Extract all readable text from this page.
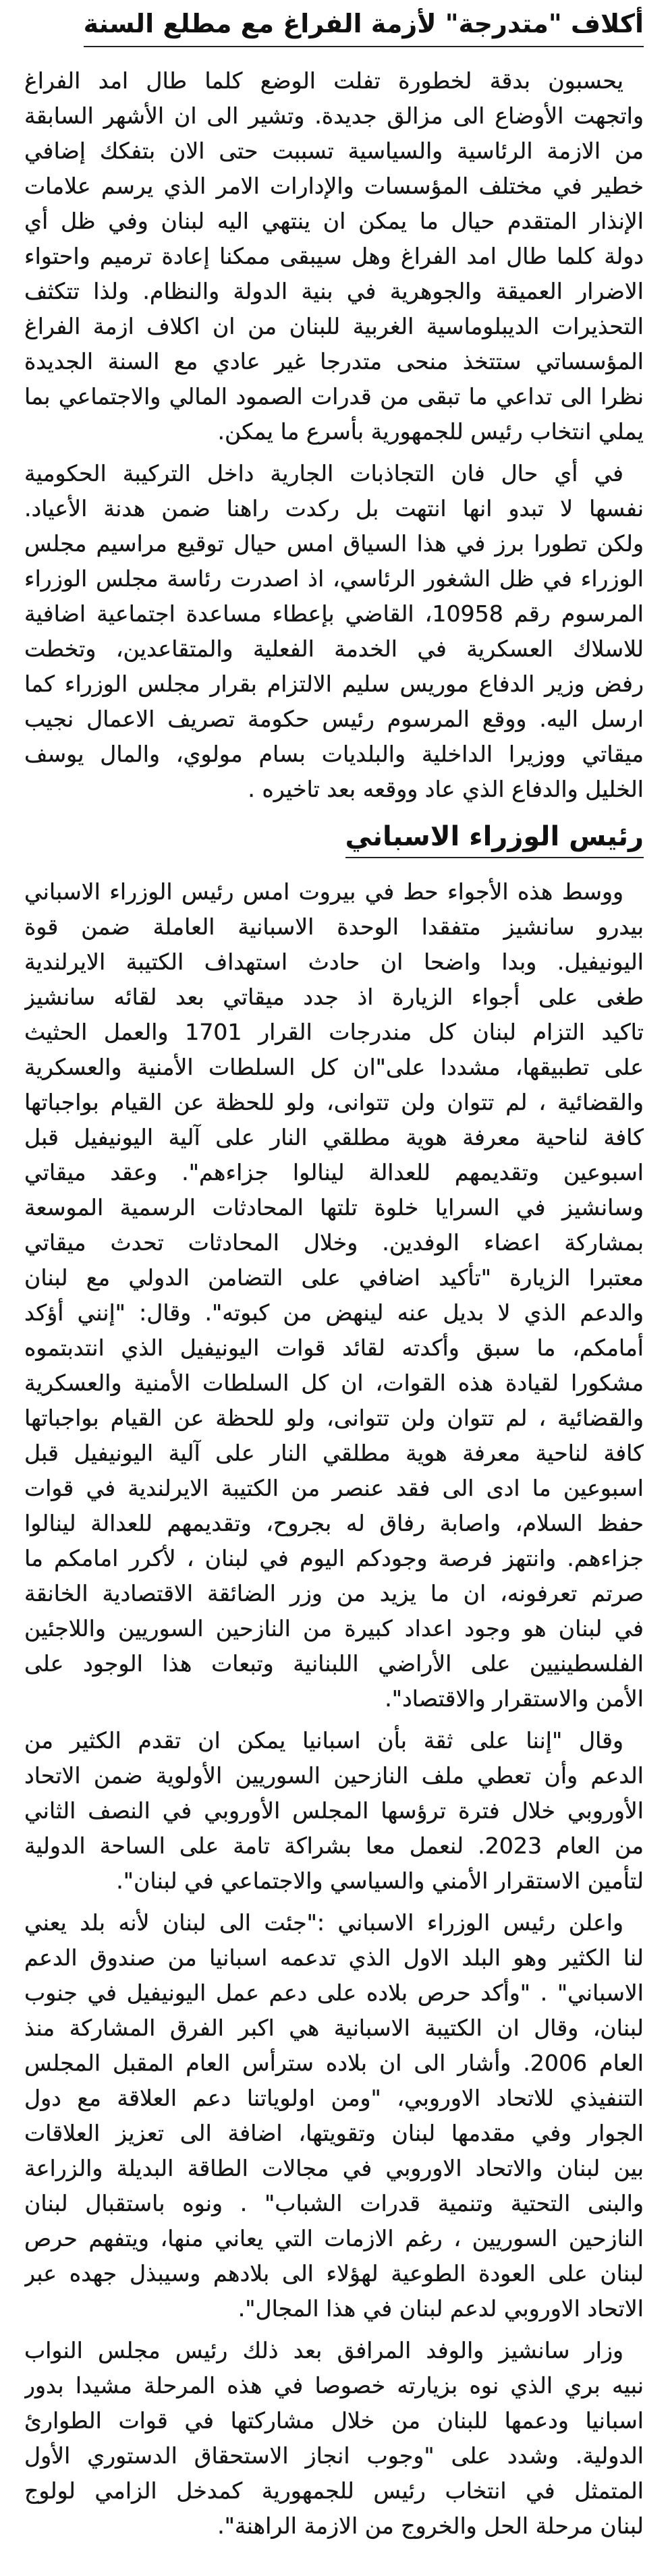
أكلاف "متدرجة" لأزمة الفراغ مع مطلع السنة
يحسبون بدقة لخطورة تفلت الوضع كلما طال امد الفراغ
واتجهت الأوضاع الى مزالق جديدة. وتشير الى ان الأشهر السابقة
من الازمة الرئاسية والسياسية تسببت حتى الان بتفكك إضافي
خطير في مختلف المؤسسات والإدارات الامر الذي يرسم علامات
الإنذار المتقدم حيال ما يمكن ان ينتهي اليه لبنان وفي ظل أي
دولة كلما طال امد الفراغ وهل سيبقى ممكنا إعادة ترميم واحتواء
الاضرار العميقة والجوهرية في بنية الدولة والنظام. ولذا تتكثف
التحذيرات الديبلوماسية الغربية للبنان من ان اكلاف ازمة الفراغ
المؤسساتي ستتخذ منحى متدرجا غير عادي مع السنة الجديدة
نظرا الى تداعي ما تبقى من قدرات الصمود المالي والاجتماعي بما
يملي انتخاب رئيس للجمهورية بأسرع ما يمكن.
في أي حال فان التجاذبات الجارية داخل التركيبة الحكومية
نفسها لا تبدو انها انتهت بل ركدت راهنا ضمن هدنة الأعياد.
ولكن تطورا برز في هذا السياق امس حيال توقيع مراسيم مجلس
الوزراء في ظل الشغور الرئاسي، اذ اصدرت رئاسة مجلس الوزراء
المرسوم رقم 10958، القاضي بإعطاء مساعدة اجتماعية اضافية
للاسلاك العسكرية في الخدمة الفعلية والمتقاعدين، وتخطت
رفض وزير الدفاع موريس سليم الالتزام بقرار مجلس الوزراء كما
ارسل اليه. ووقع المرسوم رئيس حكومة تصريف الاعمال نجيب
ميقاتي ووزيرا الداخلية والبلديات بسام مولوي، والمال يوسف
الخليل والدفاع الذي عاد ووقعه بعد تاخيره .
رئيس الوزراء الاسباني
ووسط هذه الأجواء حط في بيروت امس رئيس الوزراء الاسباني
بيدرو سانشيز متفقدا الوحدة الاسبانية العاملة ضمن قوة
اليونيفيل. وبدا واضحا ان حادث استهداف الكتيبة الايرلندية
طغى على أجواء الزيارة اذ جدد ميقاتي بعد لقائه سانشيز
تاكيد التزام لبنان كل مندرجات القرار 1701 والعمل الحثيث
على تطبيقها، مشددا على"ان كل السلطات الأمنية والعسكرية
والقضائية ، لم تتوان ولن تتوانى، ولو للحظة عن القيام بواجباتها
كافة لناحية معرفة هوية مطلقي النار على آلية اليونيفيل قبل
اسبوعين وتقديمهم للعدالة لينالوا جزاءهم". وعقد ميقاتي
وسانشيز في السرايا خلوة تلتها المحادثات الرسمية الموسعة
بمشاركة اعضاء الوفدين. وخلال المحادثات تحدث ميقاتي
معتبرا الزيارة "تأكيد اضافي على التضامن الدولي مع لبنان
والدعم الذي لا بديل عنه لينهض من كبوته". وقال: "إنني أؤكد
أمامكم، ما سبق وأكدته لقائد قوات اليونيفيل الذي انتدبتموه
مشكورا لقيادة هذه القوات، ان كل السلطات الأمنية والعسكرية
والقضائية ، لم تتوان ولن تتوانى، ولو للحظة عن القيام بواجباتها
كافة لناحية معرفة هوية مطلقي النار على آلية اليونيفيل قبل
اسبوعين ما ادى الى فقد عنصر من الكتيبة الايرلندية في قوات
حفظ السلام، واصابة رفاق له بجروح، وتقديمهم للعدالة لينالوا
جزاءهم. وانتهز فرصة وجودكم اليوم في لبنان ، لأكرر امامكم ما
صرتم تعرفونه، ان ما يزيد من وزر الضائقة الاقتصادية الخانقة
في لبنان هو وجود اعداد كبيرة من النازحين السوريين واللاجئين
الفلسطينيين على الأراضي اللبنانية وتبعات هذا الوجود على
الأمن والاستقرار والاقتصاد".
وقال "إننا على ثقة بأن اسبانيا يمكن ان تقدم الكثير من
الدعم وأن تعطي ملف النازحين السوريين الأولوية ضمن الاتحاد
الأوروبي خلال فترة ترؤسها المجلس الأوروبي في النصف الثاني
من العام 2023. لنعمل معا بشراكة تامة على الساحة الدولية
لتأمين الاستقرار الأمني والسياسي والاجتماعي في لبنان".
واعلن رئيس الوزراء الاسباني :"جئت الى لبنان لأنه بلد يعني
لنا الكثير وهو البلد الاول الذي تدعمه اسبانيا من صندوق الدعم
الاسباني" . "وأكد حرص بلاده على دعم عمل اليونيفيل في جنوب
لبنان، وقال ان الكتيبة الاسبانية هي اكبر الفرق المشاركة منذ
العام 2006. وأشار الى ان بلاده سترأس العام المقبل المجلس
التنفيذي للاتحاد الاوروبي، "ومن اولوياتنا دعم العلاقة مع دول
الجوار وفي مقدمها لبنان وتقويتها، اضافة الى تعزيز العلاقات
بين لبنان والاتحاد الاوروبي في مجالات الطاقة البديلة والزراعة
والبنى التحتية وتنمية قدرات الشباب" . ونوه باستقبال لبنان
النازحين السوريين ، رغم الازمات التي يعاني منها، ويتفهم حرص
لبنان على العودة الطوعية لهؤلاء الى بلادهم وسيبذل جهده عبر
الاتحاد الاوروبي لدعم لبنان في هذا المجال".
وزار سانشيز والوفد المرافق بعد ذلك رئيس مجلس النواب
نبيه بري الذي نوه بزيارته خصوصا في هذه المرحلة مشيدا بدور
اسبانيا ودعمها للبنان من خلال مشاركتها في قوات الطوارئ
الدولية. وشدد على "وجوب انجاز الاستحقاق الدستوري الأول
المتمثل في انتخاب رئيس للجمهورية كمدخل الزامي لولوج
لبنان مرحلة الحل والخروج من الازمة الراهنة".
